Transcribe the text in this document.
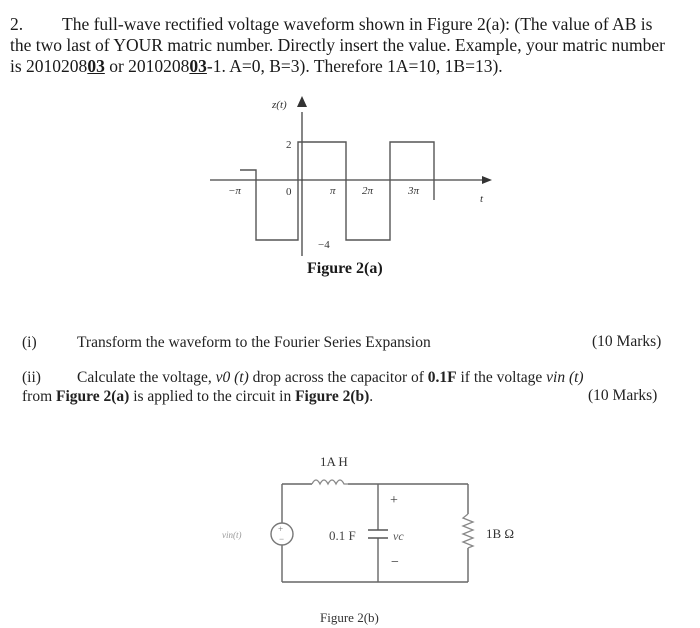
2. The full-wave rectified voltage waveform shown in Figure 2(a): (The value of AB is
the two last of YOUR matric number. Directly insert the value. Example, your matric number
is 201020803 or 201020803-1. A=0, B=3). Therefore 1A=10, 1B=13).
2
−4
−π	0	π 2π	3π
t
z(t)
Figure 2(a)
(i)	Transform the waveform to the Fourier Series Expansion	(10 Marks)
(ii) Calculate the voltage, v0 (t) drop across the capacitor of 0.1F if the voltage vin (t)
from Figure 2(a) is applied to the circuit in Figure 2(b).	(10 Marks)
+
−
1A H
0.1 F	vc
+
−
vin(t)	1B Ω
Figure 2(b)
